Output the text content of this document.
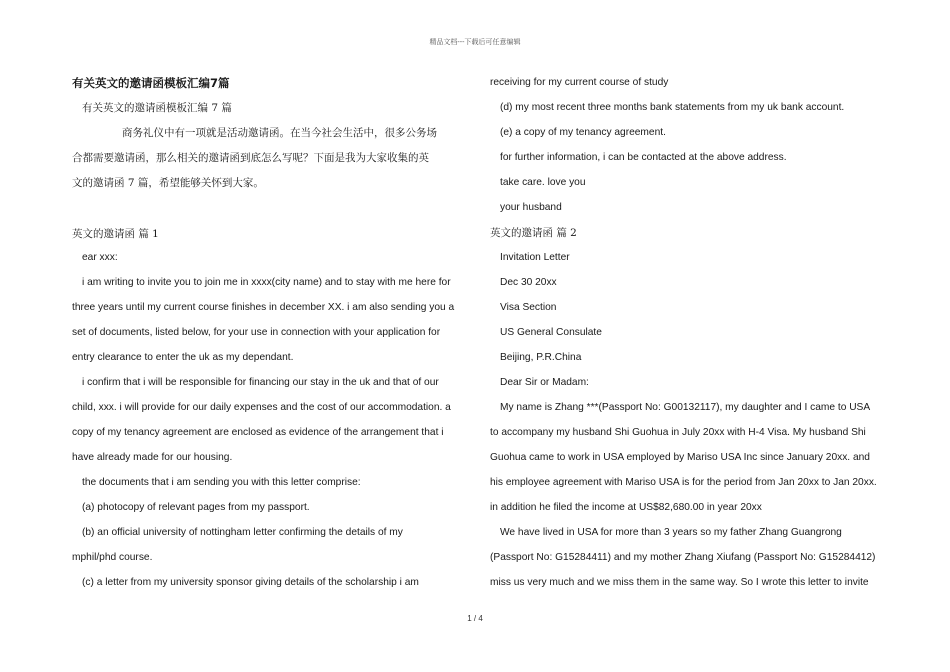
精品文档---下载后可任意编辑
有关英文的邀请函模板汇编7篇
有关英文的邀请函模板汇编 7 篇
商务礼仪中有一项就是活动邀请函。在当今社会生活中，很多公务场
合都需要邀请函，那么相关的邀请函到底怎么写呢？下面是我为大家收集的英
文的邀请函 7 篇，希望能够关怀到大家。
英文的邀请函 篇 1
ear xxx:
i am writing to invite you to join me in xxxx(city name) and to stay with me here for
three years until my current course finishes in december XX. i am also sending you a
set of documents, listed below, for your use in connection with your application for
entry clearance to enter the uk as my dependant.
i confirm that i will be responsible for financing our stay in the uk and that of our
child, xxx. i will provide for our daily expenses and the cost of our accommodation. a
copy of my tenancy agreement are enclosed as evidence of the arrangement that i
have already made for our housing.
the documents that i am sending you with this letter comprise:
(a) photocopy of relevant pages from my passport.
(b) an official university of nottingham letter confirming the details of my
mphil/phd course.
(c) a letter from my university sponsor giving details of the scholarship i am
receiving for my current course of study
(d) my most recent three months bank statements from my uk bank account.
(e) a copy of my tenancy agreement.
for further information, i can be contacted at the above address.
take care. love you
your husband
英文的邀请函 篇 2
Invitation Letter
Dec 30 20xx
Visa Section
US General Consulate
Beijing, P.R.China
Dear Sir or Madam:
My name is Zhang ***(Passport No: G00132117), my daughter and I came to USA
to accompany my husband Shi Guohua in July 20xx with H-4 Visa. My husband Shi
Guohua came to work in USA employed by Mariso USA Inc since January 20xx. and
his employee agreement with Mariso USA is for the period from Jan 20xx to Jan 20xx.
in addition he filed the income at US$82,680.00 in year 20xx
We have lived in USA for more than 3 years so my father Zhang Guangrong
(Passport No: G15284411) and my mother Zhang Xiufang (Passport No: G15284412)
miss us very much and we miss them in the same way. So I wrote this letter to invite
1 / 4
